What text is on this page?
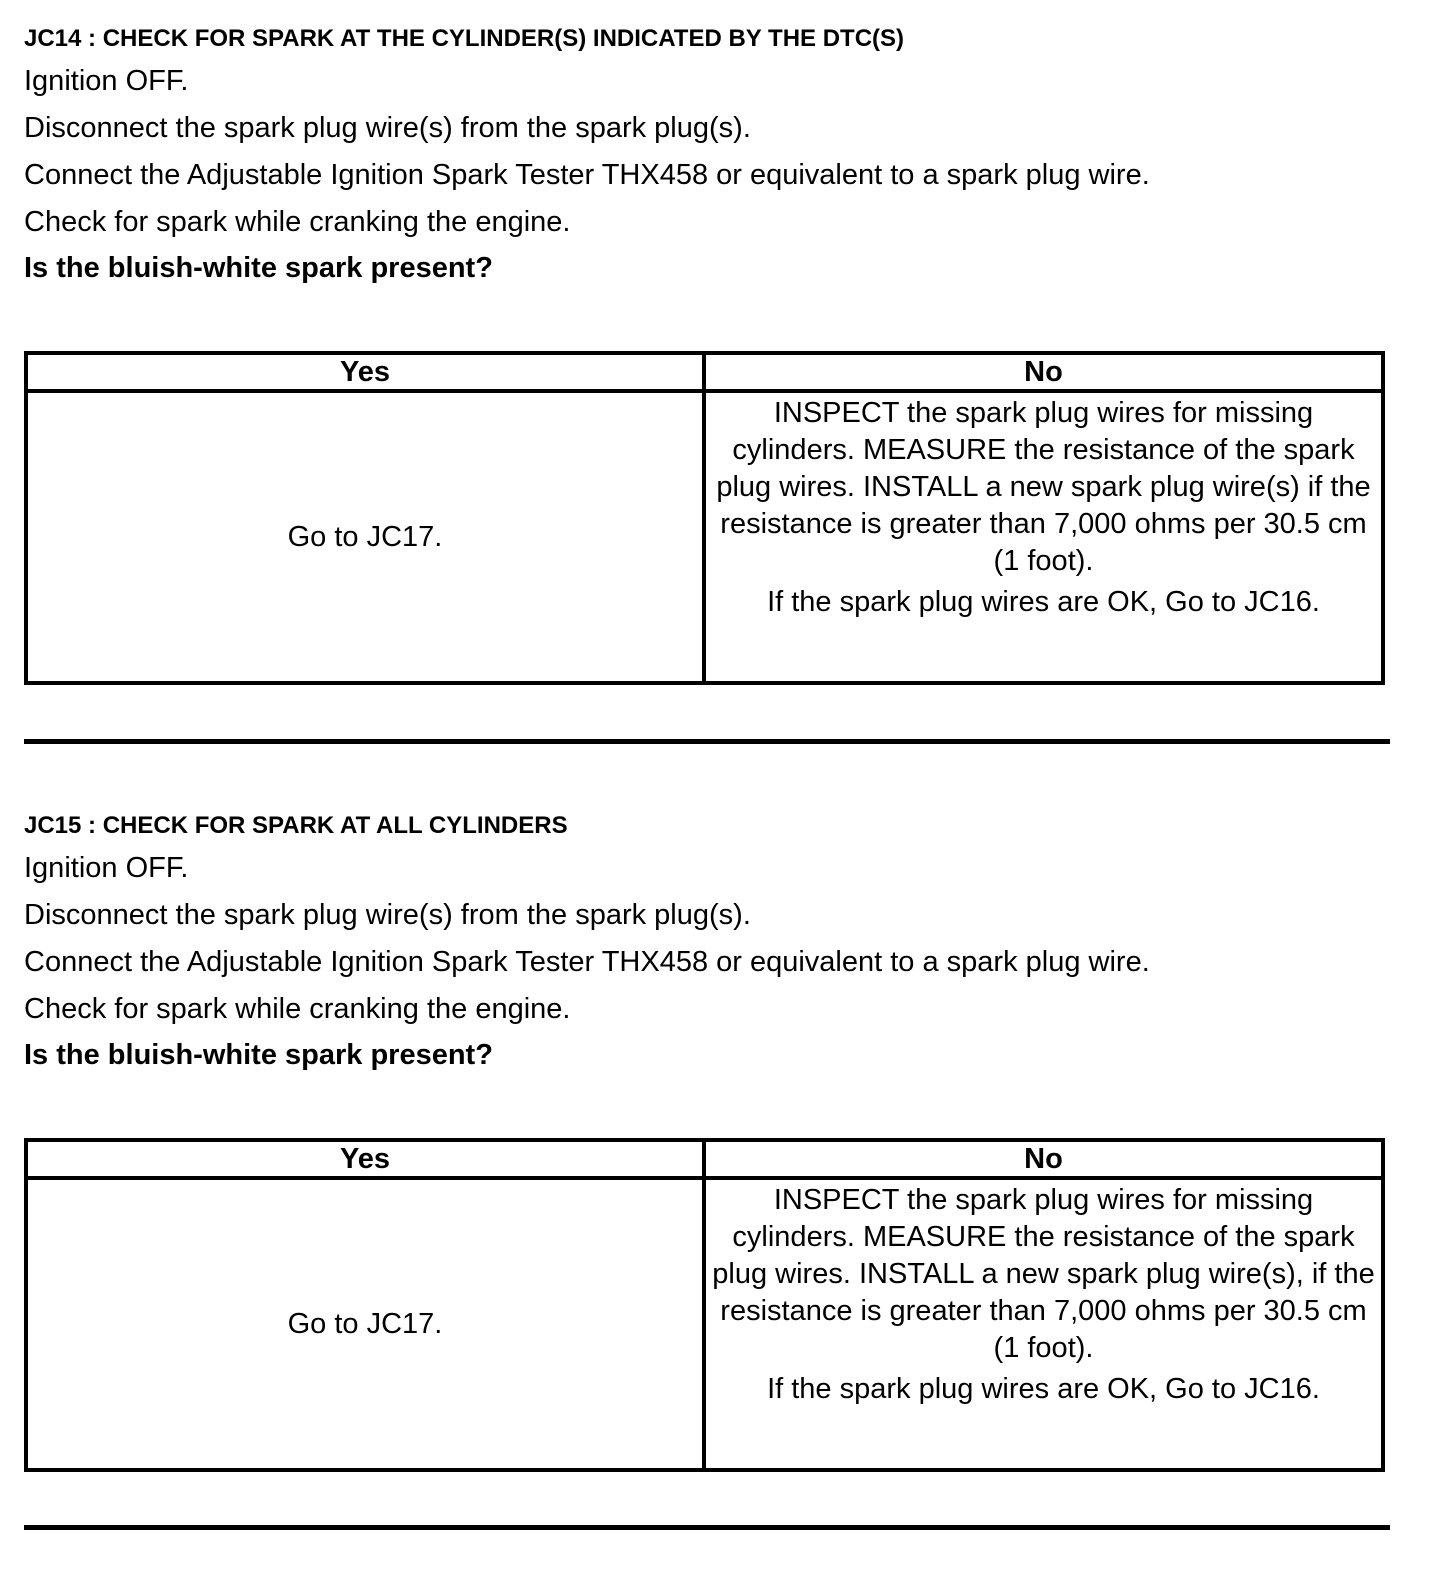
JC14 : CHECK FOR SPARK AT THE CYLINDER(S) INDICATED BY THE DTC(S)
Ignition OFF.
Disconnect the spark plug wire(s) from the spark plug(s).
Connect the Adjustable Ignition Spark Tester THX458 or equivalent to a spark plug wire.
Check for spark while cranking the engine.
Is the bluish-white spark present?
Yes	No
Go to JC17.	INSPECT the spark plug wires for missing cylinders. MEASURE the resistance of the spark plug wires. INSTALL a new spark plug wire(s) if the resistance is greater than 7,000 ohms per 30.5 cm (1 foot).
If the spark plug wires are OK, Go to JC16.
JC15 : CHECK FOR SPARK AT ALL CYLINDERS
Ignition OFF.
Disconnect the spark plug wire(s) from the spark plug(s).
Connect the Adjustable Ignition Spark Tester THX458 or equivalent to a spark plug wire.
Check for spark while cranking the engine.
Is the bluish-white spark present?
Yes	No
Go to JC17.	INSPECT the spark plug wires for missing cylinders. MEASURE the resistance of the spark plug wires. INSTALL a new spark plug wire(s), if the resistance is greater than 7,000 ohms per 30.5 cm (1 foot).
If the spark plug wires are OK, Go to JC16.
